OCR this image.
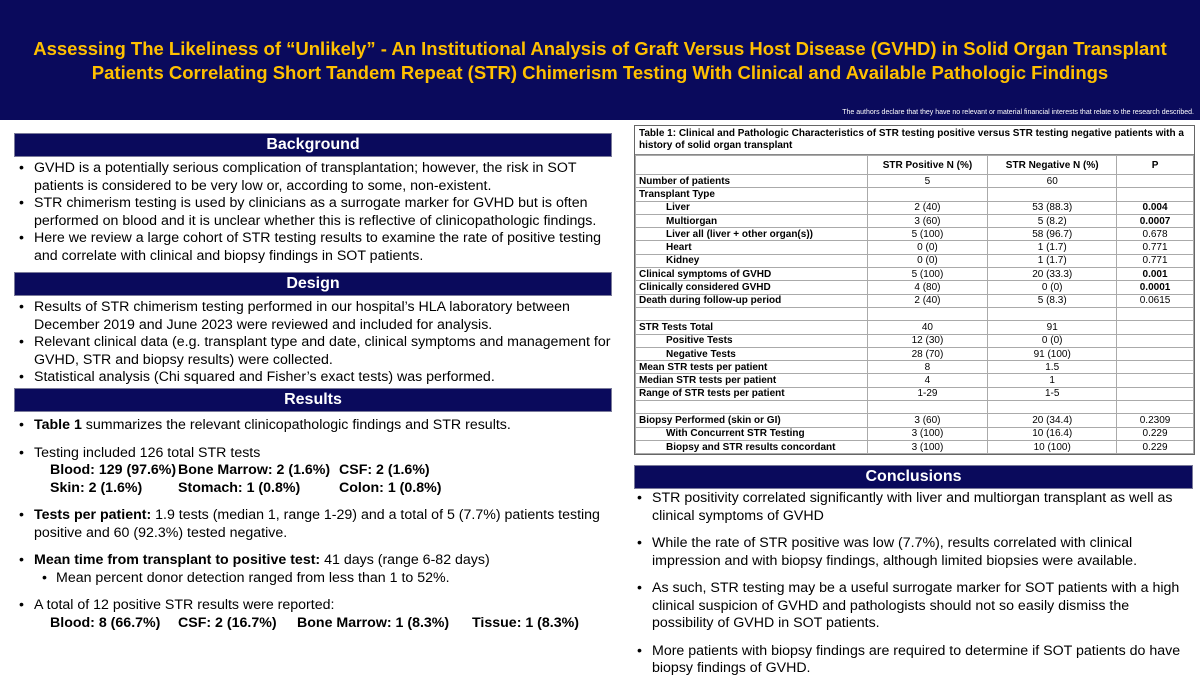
Assessing The Likeliness of “Unlikely” - An Institutional Analysis of Graft Versus Host Disease (GVHD) in Solid Organ Transplant
Patients Correlating Short Tandem Repeat (STR) Chimerism Testing With Clinical and Available Pathologic Findings
The authors declare that they have no relevant or material financial interests that relate to the research described.
Background
• GVHD is a potentially serious complication of transplantation; however, the risk in SOT patients is considered to be very low or, according to some, non-existent.
• STR chimerism testing is used by clinicians as a surrogate marker for GVHD but is often performed on blood and it is unclear whether this is reflective of clinicopathologic findings.
• Here we review a large cohort of STR testing results to examine the rate of positive testing and correlate with clinical and biopsy findings in SOT patients.
Design
• Results of STR chimerism testing performed in our hospital’s HLA laboratory between December 2019 and June 2023 were reviewed and included for analysis.
• Relevant clinical data (e.g. transplant type and date, clinical symptoms and management for GVHD, STR and biopsy results) were collected.
• Statistical analysis (Chi squared and Fisher’s exact tests) was performed.
Results
• Table 1 summarizes the relevant clinicopathologic findings and STR results.
• Testing included 126 total STR tests
Blood: 129 (97.6%) Bone Marrow: 2 (1.6%) CSF: 2 (1.6%)
Skin: 2 (1.6%)	Stomach: 1 (0.8%)	Colon: 1 (0.8%)
• Tests per patient: 1.9 tests (median 1, range 1-29) and a total of 5 (7.7%) patients testing positive and 60 (92.3%) tested negative.
• Mean time from transplant to positive test: 41 days (range 6-82 days)
• Mean percent donor detection ranged from less than 1 to 52%.
• A total of 12 positive STR results were reported:
Blood: 8 (66.7%) CSF: 2 (16.7%) Bone Marrow: 1 (8.3%) Tissue: 1 (8.3%)
Table 1: Clinical and Pathologic Characteristics of STR testing positive versus STR testing negative patients with a history of solid organ transplant
	STR Positive N (%)	STR Negative N (%)	P
Number of patients	5	60	
Transplant Type			
Liver	2 (40)	53 (88.3)	0.004
Multiorgan	3 (60)	5 (8.2)	0.0007
Liver all (liver + other organ(s))	5 (100)	58 (96.7)	0.678
Heart	0 (0)	1 (1.7)	0.771
Kidney	0 (0)	1 (1.7)	0.771
Clinical symptoms of GVHD	5 (100)	20 (33.3)	0.001
Clinically considered GVHD	4 (80)	0 (0)	0.0001
Death during follow-up period	2 (40)	5 (8.3)	0.0615

STR Tests Total	40	91	
Positive Tests	12 (30)	0 (0)	
Negative Tests	28 (70)	91 (100)	
Mean STR tests per patient	8	1.5	
Median STR tests per patient	4	1	
Range of STR tests per patient	1-29	1-5	

Biopsy Performed (skin or GI)	3 (60)	20 (34.4)	0.2309
With Concurrent STR Testing	3 (100)	10 (16.4)	0.229
Biopsy and STR results concordant	3 (100)	10 (100)	0.229
Conclusions
• STR positivity correlated significantly with liver and multiorgan transplant as well as clinical symptoms of GVHD
• While the rate of STR positive was low (7.7%), results correlated with clinical impression and with biopsy findings, although limited biopsies were available.
• As such, STR testing may be a useful surrogate marker for SOT patients with a high clinical suspicion of GVHD and pathologists should not so easily dismiss the possibility of GVHD in SOT patients.
• More patients with biopsy findings are required to determine if SOT patients do have biopsy findings of GVHD.
